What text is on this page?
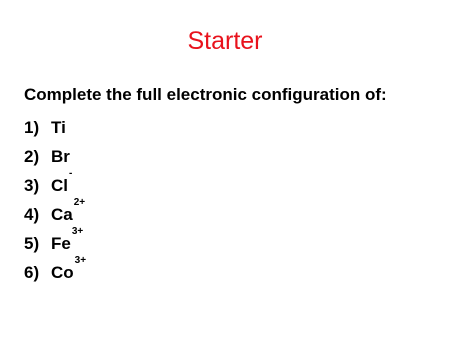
Starter

Complete the full electronic configuration of:

1) Ti
2) Br
3) Cl
-
4) Ca
$^{2+}$
5) Fe
$^{3+}$
6) Co
$^{3+}$
